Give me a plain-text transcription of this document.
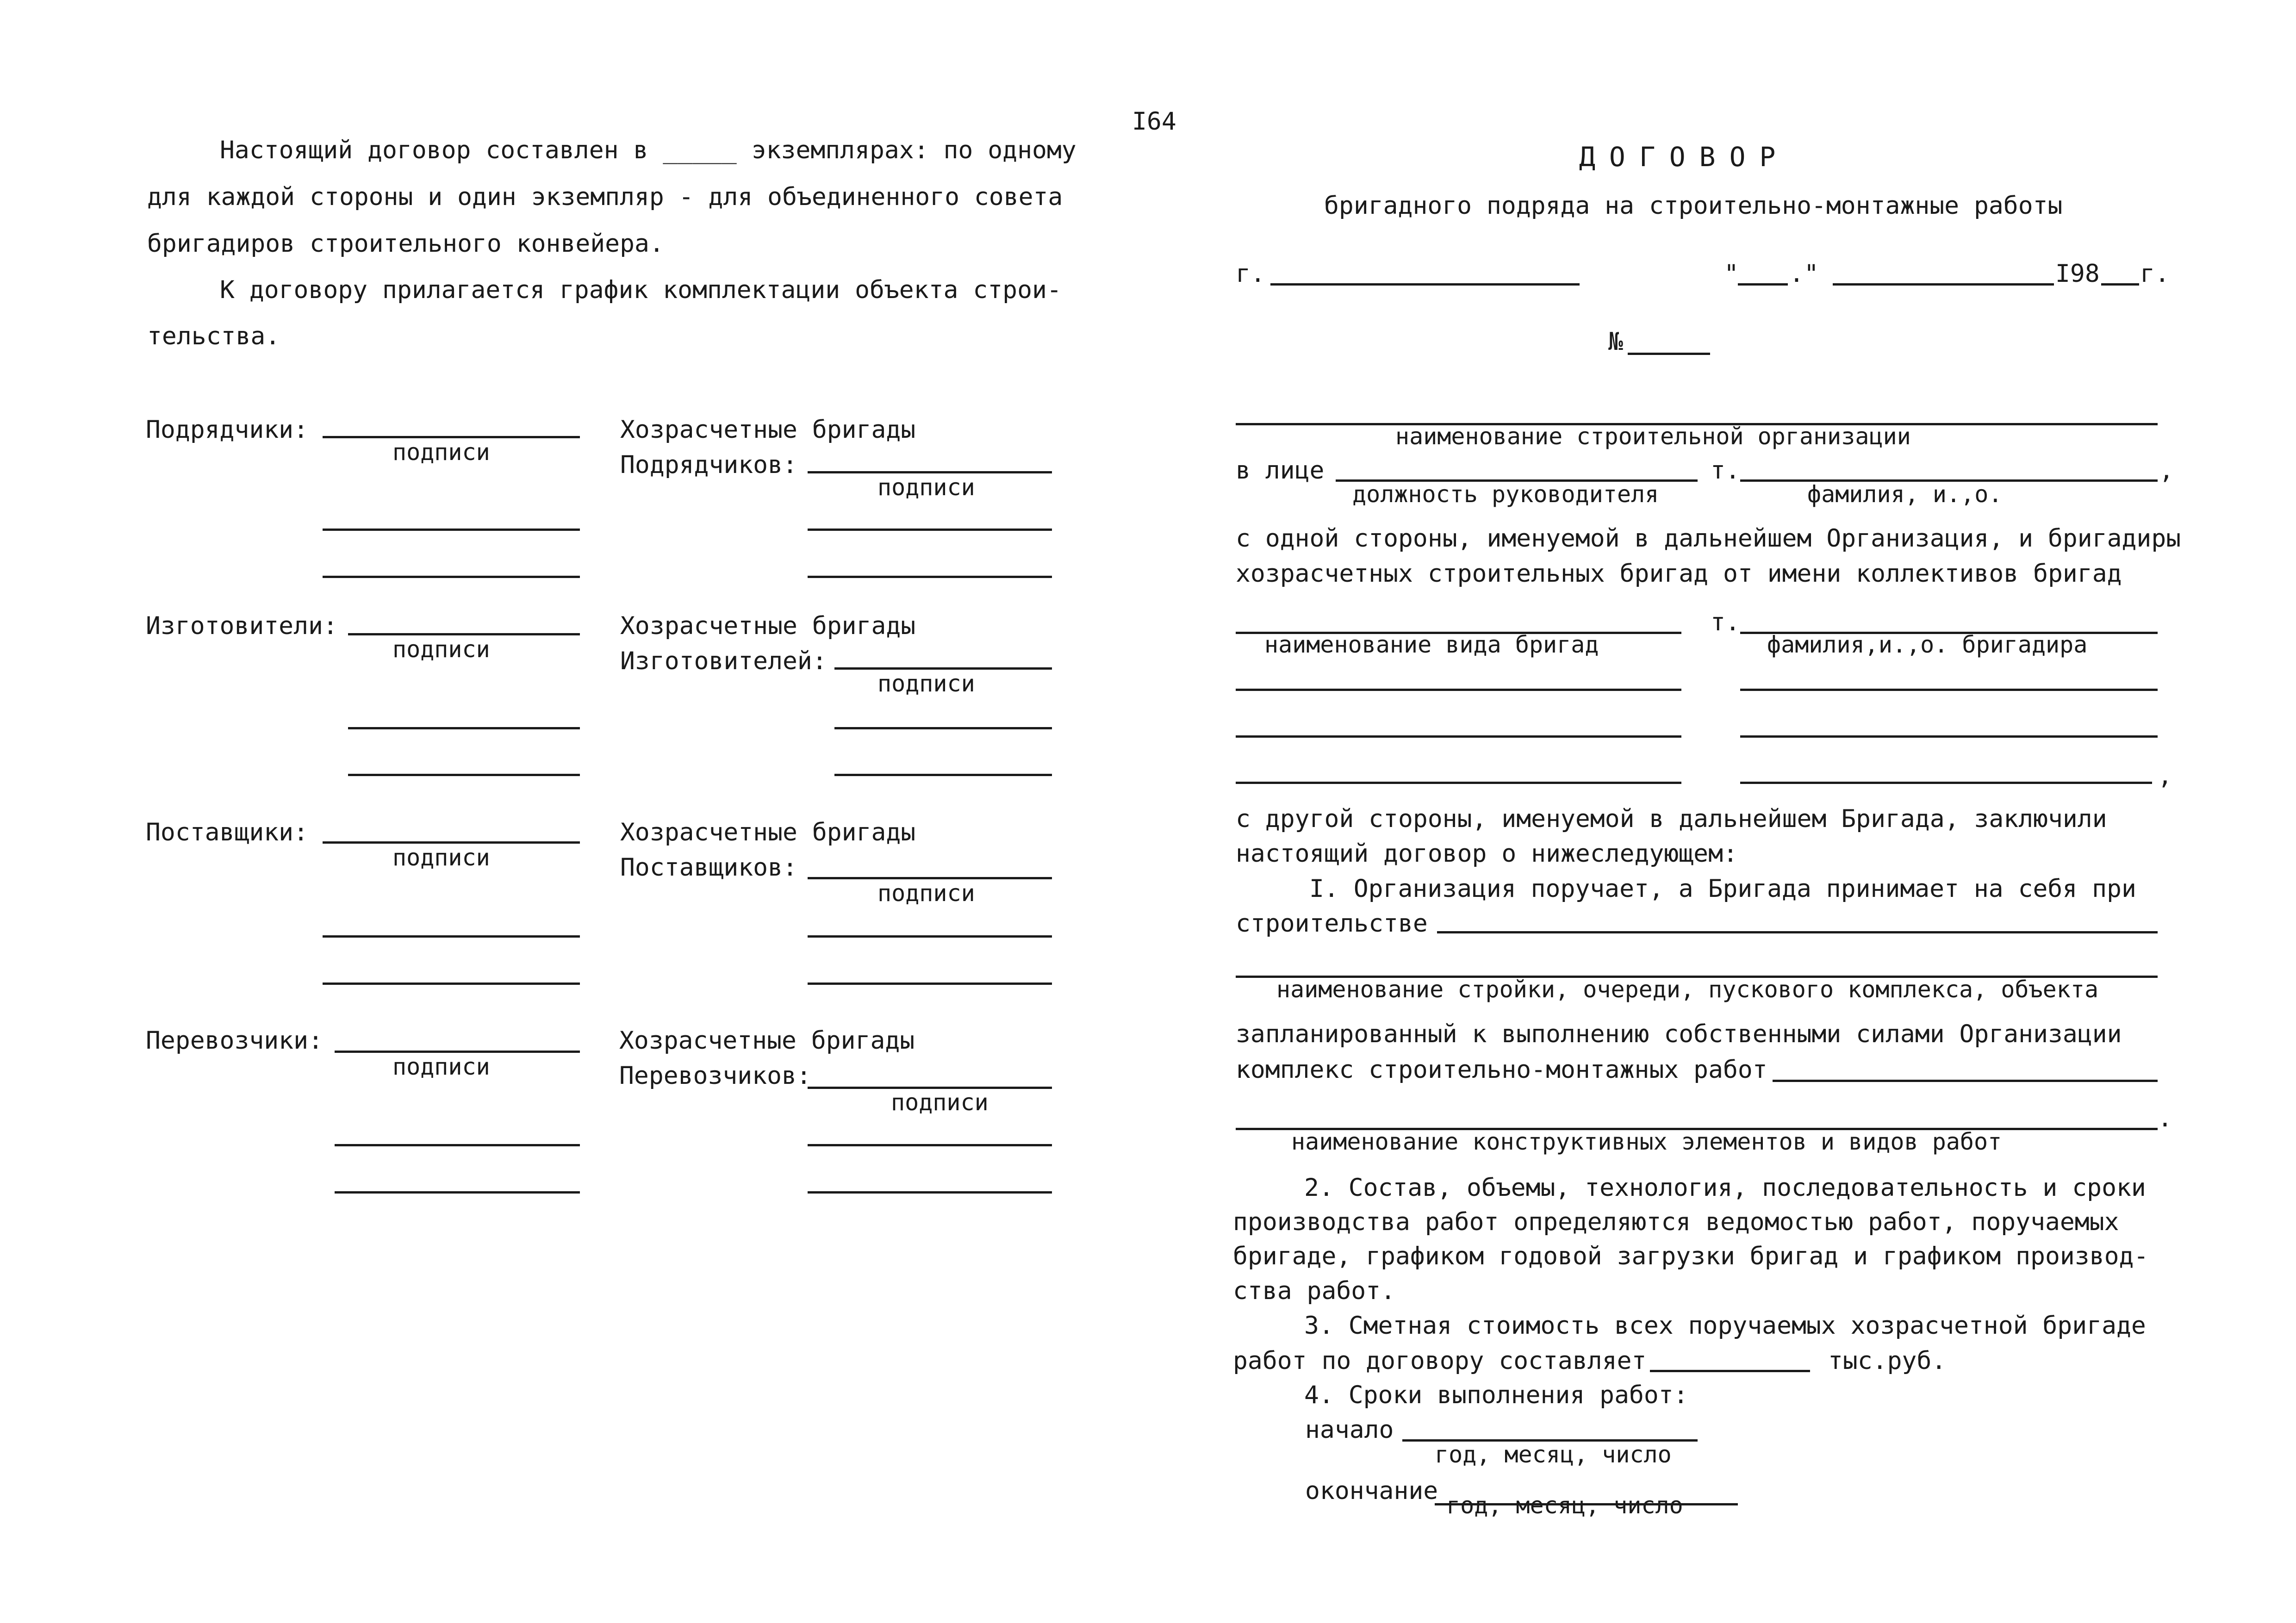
I64
Настоящий договор составлен в _____ экземплярах: по одному
для каждой стороны и один экземпляр - для объединенного совета
бригадиров строительного конвейера.
К договору прилагается график комплектации объекта строи-
тельства.
Подрядчики:
подписи
Хозрасчетные бригады
Подрядчиков:
подписи
Изготовители:
подписи
Хозрасчетные бригады
Изготовителей:
подписи
Поставщики:
подписи
Хозрасчетные бригады
Поставщиков:
подписи
Перевозчики:
подписи
Хозрасчетные бригады
Перевозчиков:
подписи
ДОГОВОР
бригадного подряда на строительно-монтажные работы
г.	" ."	I98 г.
№
наименование строительной организации
в лице
должность руководителя
т.
фамилия, и.,о.
,
с одной стороны, именуемой в дальнейшем Организация, и бригадиры
хозрасчетных строительных бригад от имени коллективов бригад
наименование вида бригад
т.
фамилия,и.,о. бригадира
,
с другой стороны, именуемой в дальнейшем Бригада, заключили
настоящий договор о нижеследующем:
I. Организация поручает, а Бригада принимает на себя при
строительстве
наименование стройки, очереди, пускового комплекса, объекта
запланированный к выполнению собственными силами Организации
комплекс строительно-монтажных работ
.
наименование конструктивных элементов и видов работ
2. Состав, объемы, технология, последовательность и сроки
производства работ определяются ведомостью работ, поручаемых
бригаде, графиком годовой загрузки бригад и графиком производ-
ства работ.
3. Сметная стоимость всех поручаемых хозрасчетной бригаде
работ по договору составляет	тыс.руб.
4. Сроки выполнения работ:
начало
год, месяц, число
окончание
год, месяц, число
